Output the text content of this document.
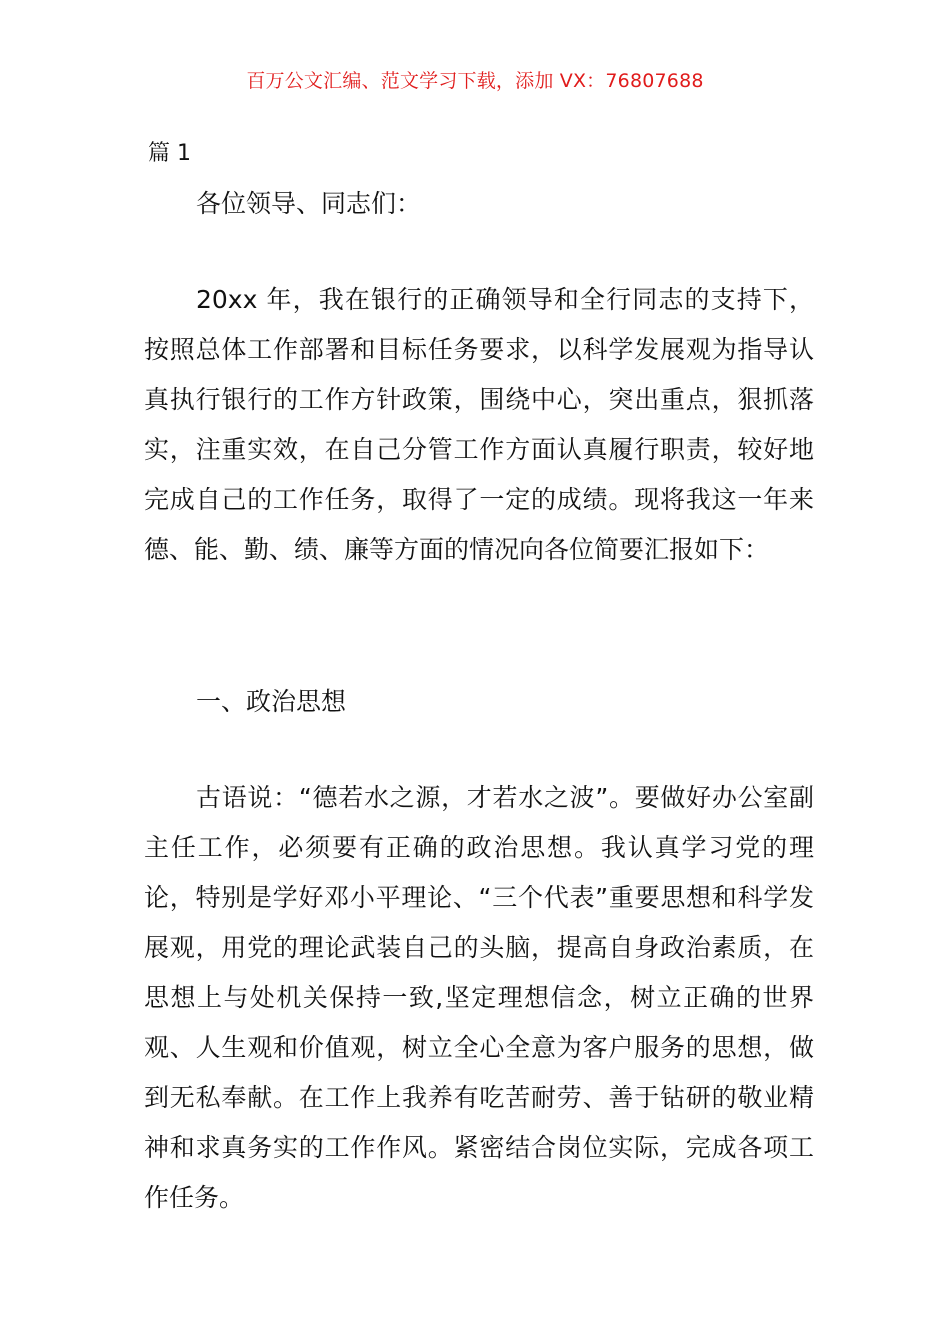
百万公文汇编、范文学习下载，添加 VX：76807688
篇 1
各位领导、同志们：

20xx 年，我在银行的正确领导和全行同志的支持下，按照总体工作部署和目标任务要求，以科学发展观为指导认真执行银行的工作方针政策，围绕中心，突出重点，狠抓落实，注重实效，在自己分管工作方面认真履行职责，较好地完成自己的工作任务，取得了一定的成绩。现将我这一年来德、能、勤、绩、廉等方面的情况向各位简要汇报如下：

一、政治思想

古语说：“德若水之源，才若水之波”。要做好办公室副主任工作，必须要有正确的政治思想。我认真学习党的理论，特别是学好邓小平理论、“三个代表”重要思想和科学发展观，用党的理论武装自己的头脑，提高自身政治素质，在思想上与处机关保持一致,坚定理想信念，树立正确的世界观、人生观和价值观，树立全心全意为客户服务的思想，做到无私奉献。在工作上我养有吃苦耐劳、善于钻研的敬业精神和求真务实的工作作风。紧密结合岗位实际，完成各项工作任务。
